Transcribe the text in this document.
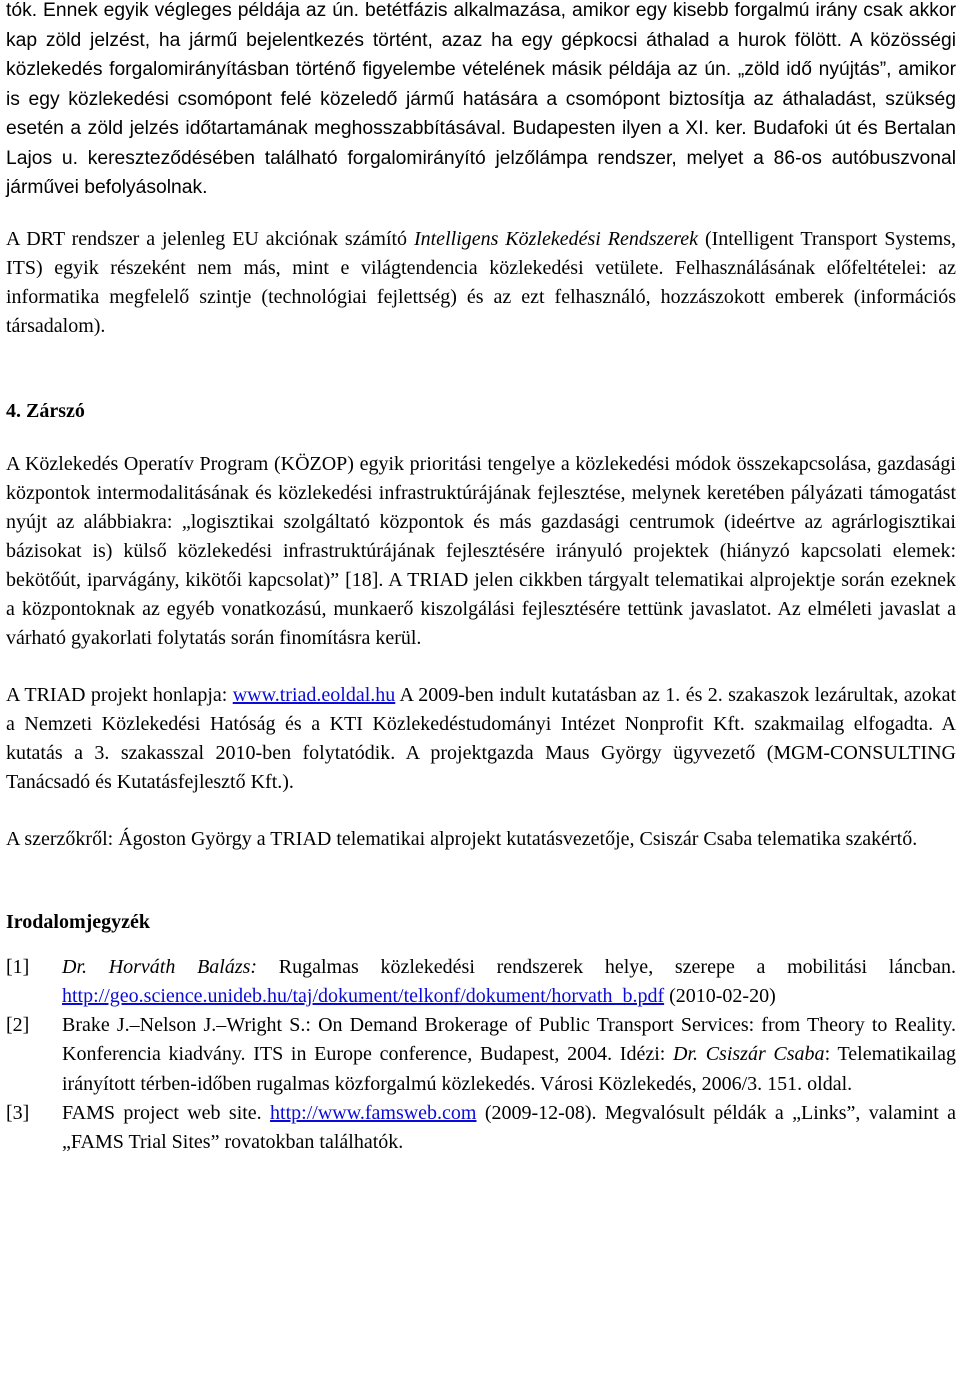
tók. Ennek egyik végleges példája az ún. betétfázis alkalmazása, amikor egy kisebb forgalmú irány csak akkor kap zöld jelzést, ha jármű bejelentkezés történt, azaz ha egy gépkocsi áthalad a hurok fölött. A közösségi közlekedés forgalomirányításban történő figyelembe vételének másik példája az ún. „zöld idő nyújtás”, amikor is egy közlekedési csomópont felé közeledő jármű hatására a csomópont biztosítja az áthaladást, szükség esetén a zöld jelzés időtartamának meghosszabbításával. Budapesten ilyen a XI. ker. Budafoki út és Bertalan Lajos u. kereszteződésében található forgalomirányító jelzőlámpa rendszer, melyet a 86-os autóbuszvonal járművei befolyásolnak.

A DRT rendszer a jelenleg EU akciónak számító Intelligens Közlekedési Rendszerek (Intelligent Transport Systems, ITS) egyik részeként nem más, mint e világtendencia közlekedési vetülete. Felhasználásának előfeltételei: az informatika megfelelő szintje (technológiai fejlettség) és az ezt felhasználó, hozzászokott emberek (információs társadalom).

4. Zárszó

A Közlekedés Operatív Program (KÖZOP) egyik prioritási tengelye a közlekedési módok összekapcsolása, gazdasági központok intermodalitásának és közlekedési infrastruktúrájának fejlesztése, melynek keretében pályázati támogatást nyújt az alábbiakra: „logisztikai szolgáltató központok és más gazdasági centrumok (ideértve az agrárlogisztikai bázisokat is) külső közlekedési infrastruktúrájának fejlesztésére irányuló projektek (hiányzó kapcsolati elemek: bekötőút, iparvágány, kikötői kapcsolat)” [18]. A TRIAD jelen cikkben tárgyalt telematikai alprojektje során ezeknek a központoknak az egyéb vonatkozású, munkaerő kiszolgálási fejlesztésére tettünk javaslatot. Az elméleti javaslat a várható gyakorlati folytatás során finomításra kerül.

A TRIAD projekt honlapja: www.triad.eoldal.hu A 2009-ben indult kutatásban az 1. és 2. szakaszok lezárultak, azokat a Nemzeti Közlekedési Hatóság és a KTI Közlekedéstudományi Intézet Nonprofit Kft. szakmailag elfogadta. A kutatás a 3. szakasszal 2010-ben folytatódik. A projektgazda Maus György ügyvezető (MGM-CONSULTING Tanácsadó és Kutatásfejlesztő Kft.).

A szerzőkről: Ágoston György a TRIAD telematikai alprojekt kutatásvezetője, Csiszár Csaba telematika szakértő.

Irodalomjegyzék
[1]	Dr. Horváth Balázs: Rugalmas közlekedési rendszerek helye, szerepe a mobilitási láncban. http://geo.science.unideb.hu/taj/dokument/telkonf/dokument/horvath_b.pdf (2010-02-20)
[2]	Brake J.–Nelson J.–Wright S.: On Demand Brokerage of Public Transport Services: from Theory to Reality. Konferencia kiadvány. ITS in Europe conference, Budapest, 2004. Idézi: Dr. Csiszár Csaba: Telematikailag irányított térben-időben rugalmas közforgalmú közlekedés. Városi Közlekedés, 2006/3. 151. oldal.
[3]	FAMS project web site. http://www.famsweb.com (2009-12-08). Megvalósult példák a „Links”, valamint a „FAMS Trial Sites” rovatokban találhatók.
